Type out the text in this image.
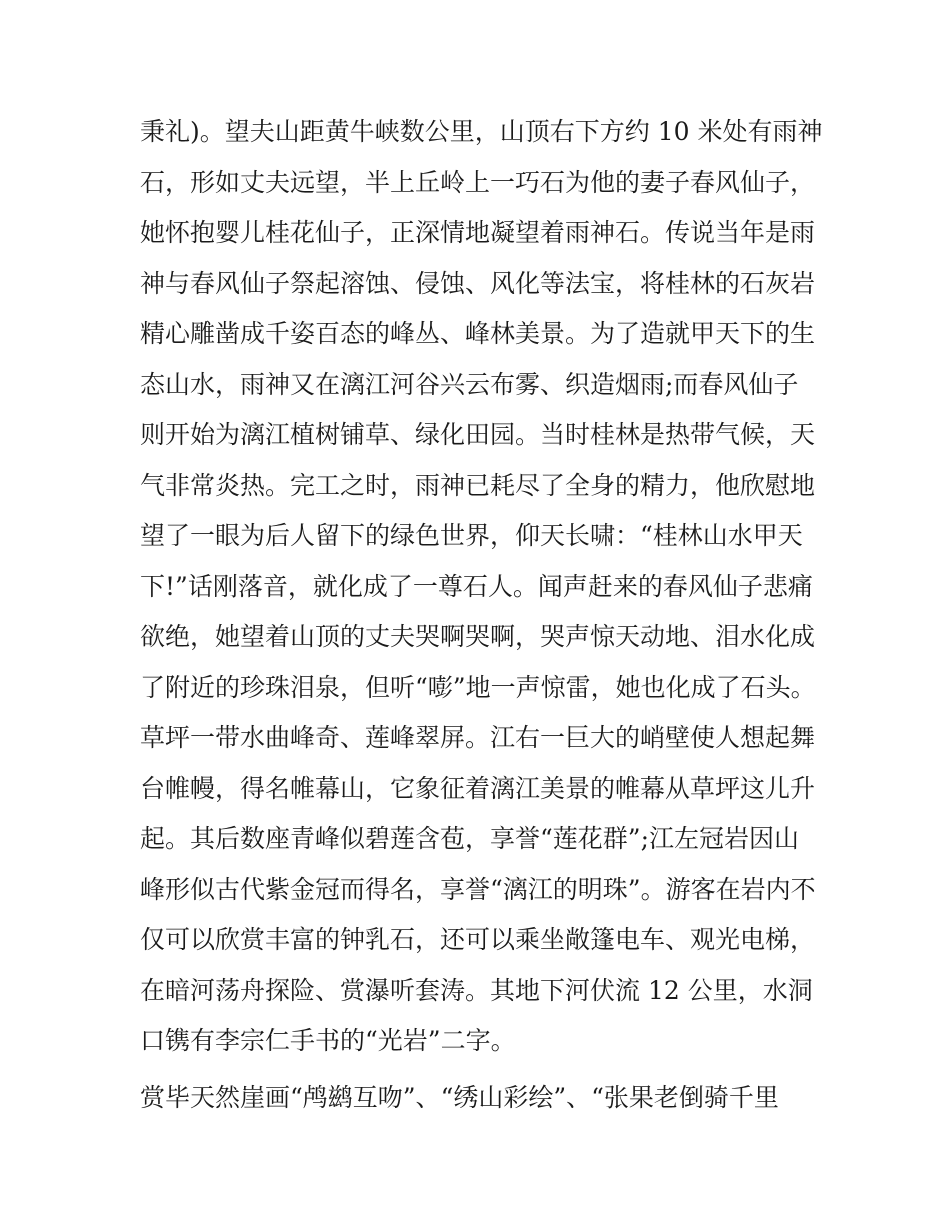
秉礼)。望夫山距黄牛峡数公里，山顶右下方约 10 米处有雨神
石，形如丈夫远望，半上丘岭上一巧石为他的妻子春风仙子，
她怀抱婴儿桂花仙子，正深情地凝望着雨神石。传说当年是雨
神与春风仙子祭起溶蚀、侵蚀、风化等法宝，将桂林的石灰岩
精心雕凿成千姿百态的峰丛、峰林美景。为了造就甲天下的生
态山水，雨神又在漓江河谷兴云布雾、织造烟雨;而春风仙子
则开始为漓江植树铺草、绿化田园。当时桂林是热带气候，天
气非常炎热。完工之时，雨神已耗尽了全身的精力，他欣慰地
望了一眼为后人留下的绿色世界，仰天长啸：“桂林山水甲天
下!”话刚落音，就化成了一尊石人。闻声赶来的春风仙子悲痛
欲绝，她望着山顶的丈夫哭啊哭啊，哭声惊天动地、泪水化成
了附近的珍珠泪泉，但听“嘭”地一声惊雷，她也化成了石头。
草坪一带水曲峰奇、莲峰翠屏。江右一巨大的峭壁使人想起舞
台帷幔，得名帷幕山，它象征着漓江美景的帷幕从草坪这儿升
起。其后数座青峰似碧莲含苞，享誉“莲花群”;江左冠岩因山
峰形似古代紫金冠而得名，享誉“漓江的明珠”。游客在岩内不
仅可以欣赏丰富的钟乳石，还可以乘坐敞篷电车、观光电梯，
在暗河荡舟探险、赏瀑听套涛。其地下河伏流 12 公里，水洞
口镌有李宗仁手书的“光岩”二字。
赏毕天然崖画“鸬鹚互吻”、“绣山彩绘”、“张果老倒骑千里
